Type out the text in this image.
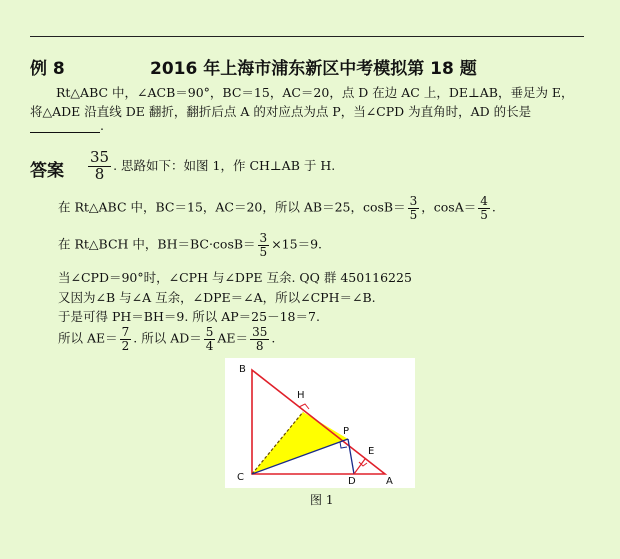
例 8	2016 年上海市浦东新区中考模拟第 18 题
Rt△ABC 中，∠ACB＝90°，BC＝15，AC＝20，点 D 在边 AC 上，DE⊥AB，垂足为 E，
将△ADE 沿直线 DE 翻折，翻折后点 A 的对应点为点 P，当∠CPD 为直角时，AD 的长是
.
答案 $\frac{35}{8}$ . 思路如下：如图 1，作 CH⊥AB 于 H.
在 Rt△ABC 中，BC＝15，AC＝20，所以 AB＝25，$\cos B= \frac{3}{5}$ ，$\cos A= \frac{4}{5}$ .
在 Rt△BCH 中，$BH=BC\cdot\cos B= \frac{3}{5} \times 15=9$.
当∠CPD＝90°时，∠CPH 与∠DPE 互余. QQ 群 450116225
又因为∠B 与∠A 互余，∠DPE＝∠A，所以∠CPH＝∠B.
于是可得 PH＝BH＝9. 所以 AP＝25－18＝7.
所以 $AE= \frac{7}{2}$ . 所以 $AD= \frac{5}{4} AE= \frac{35}{8}$ .
B
H
P
E
C	D	A
图 1
